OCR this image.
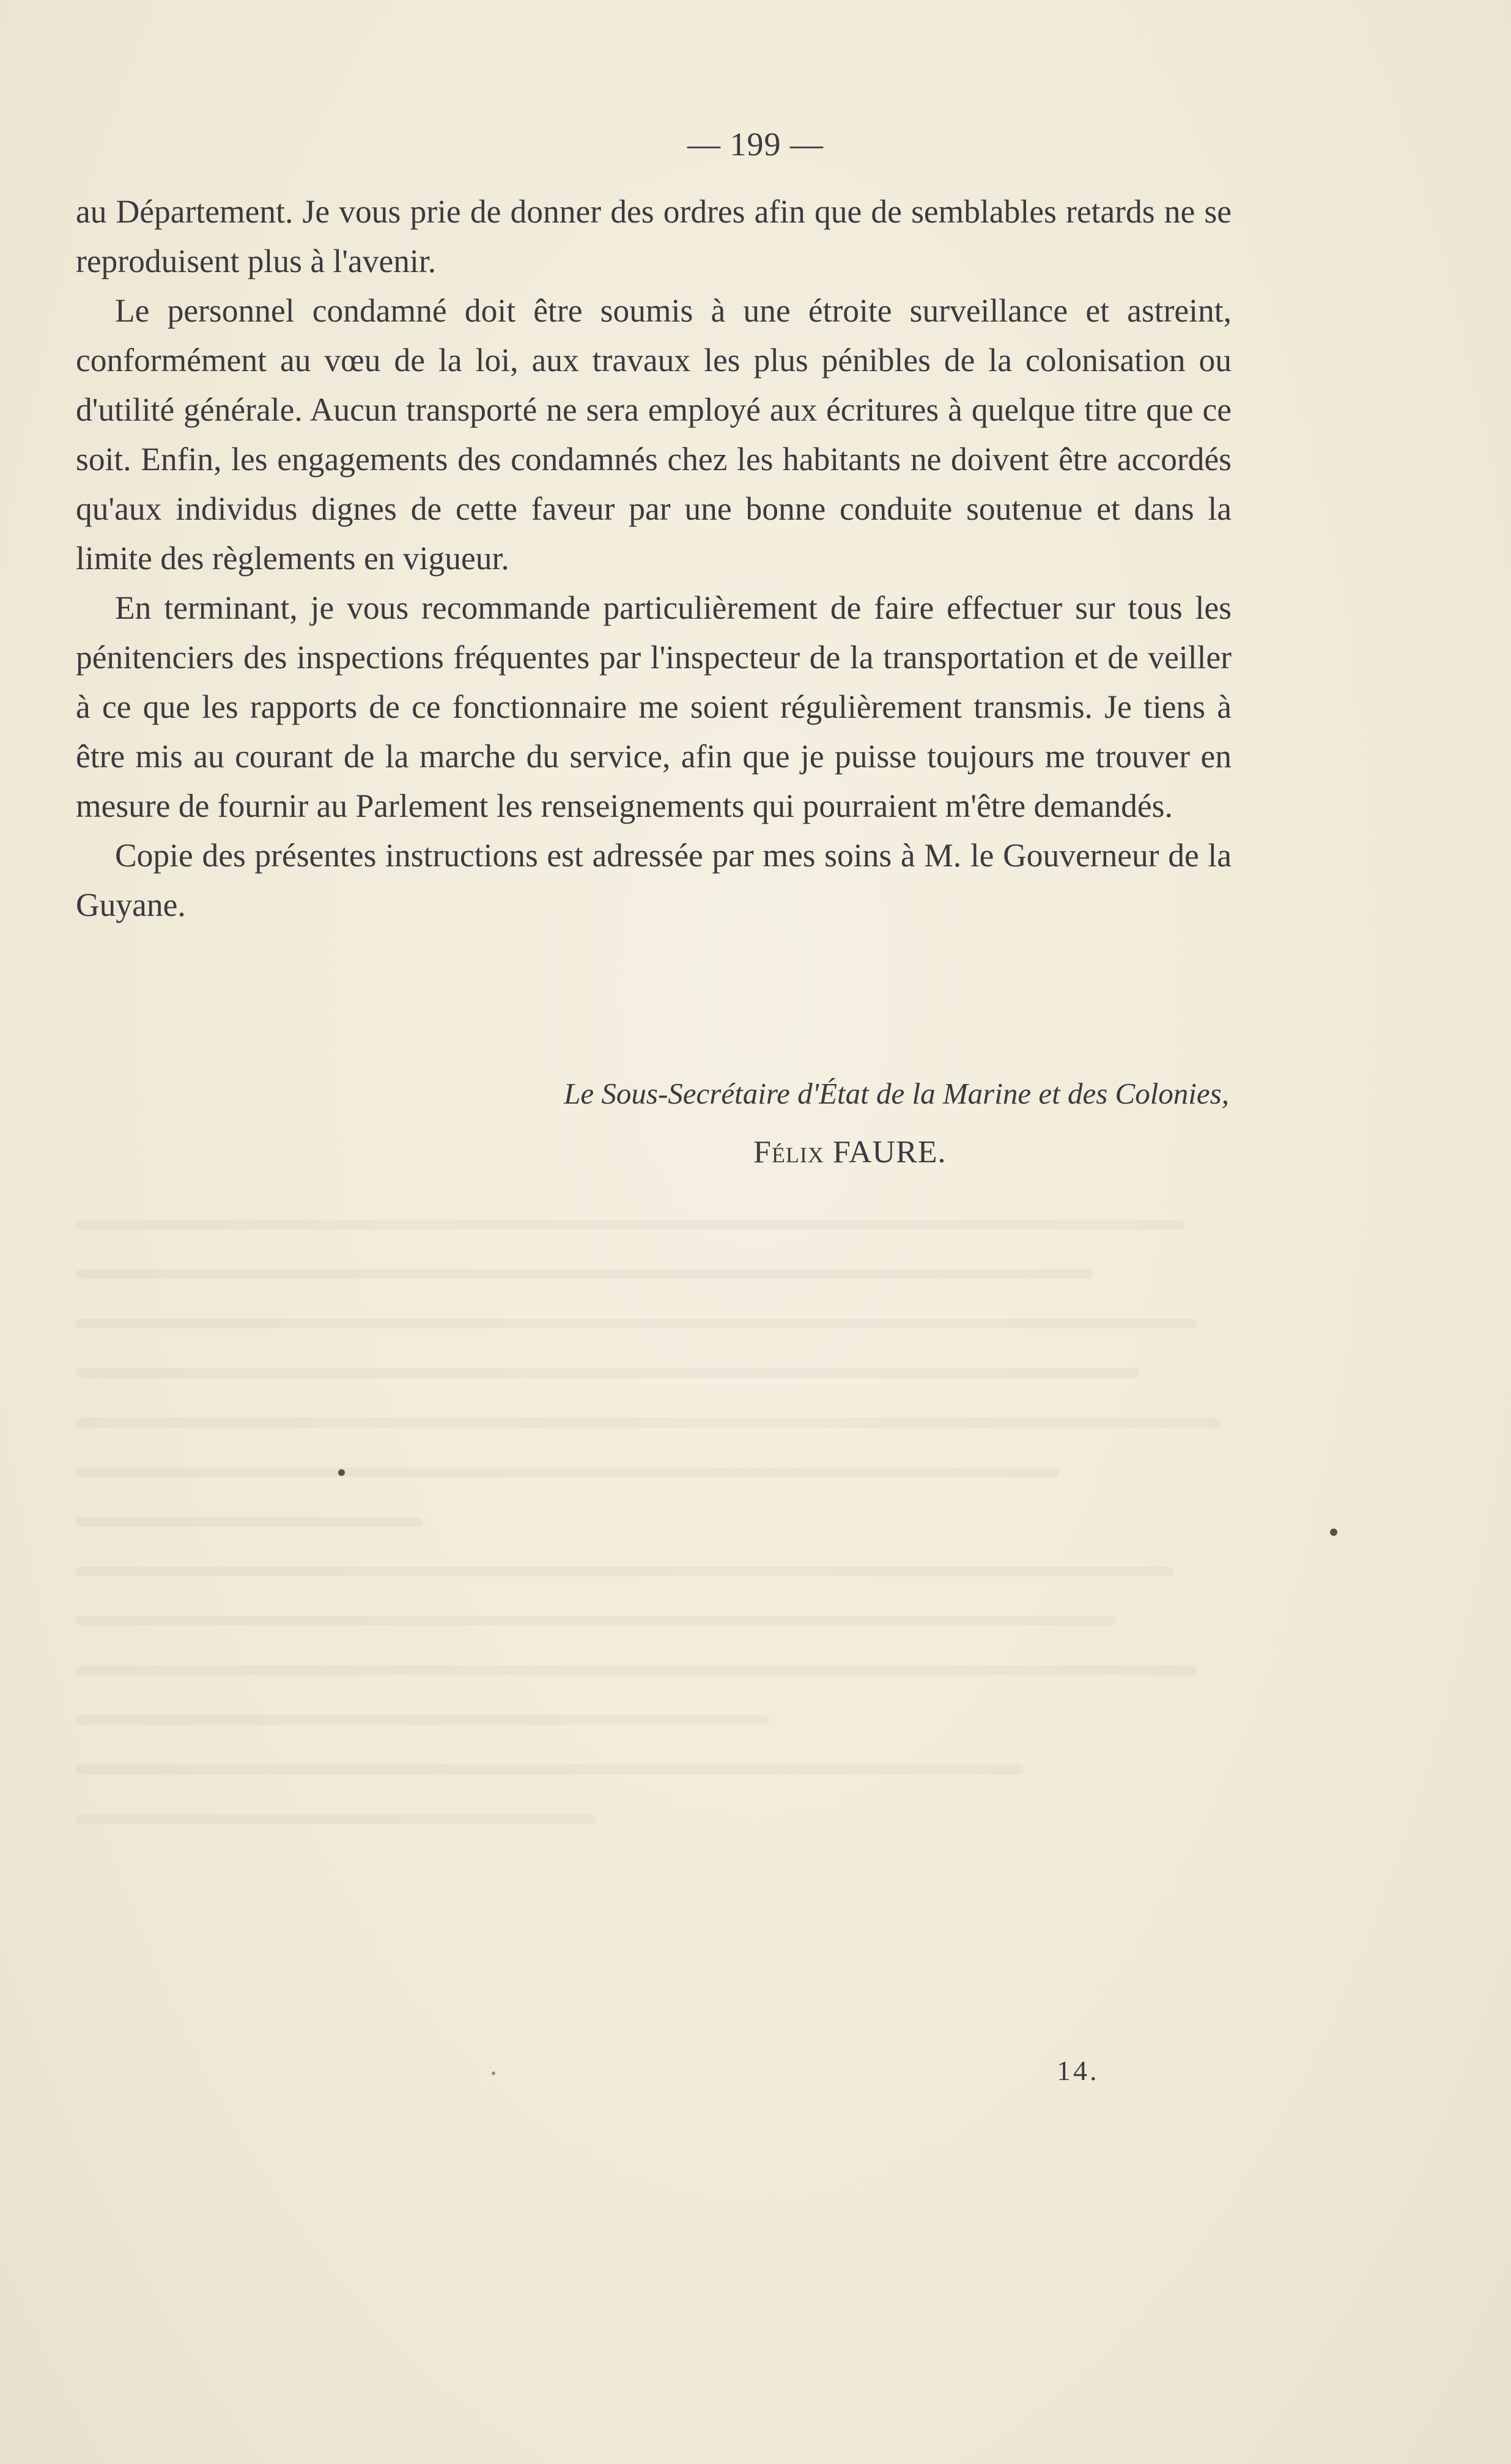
— 199 —

au Département. Je vous prie de donner des ordres afin que de semblables retards ne se reproduisent plus à l'avenir.

Le personnel condamné doit être soumis à une étroite surveillance et astreint, conformément au vœu de la loi, aux travaux les plus pénibles de la colonisation ou d'utilité générale. Aucun transporté ne sera employé aux écritures à quelque titre que ce soit. Enfin, les engagements des condamnés chez les habitants ne doivent être accordés qu'aux individus dignes de cette faveur par une bonne conduite soutenue et dans la limite des règlements en vigueur.

En terminant, je vous recommande particulièrement de faire effectuer sur tous les pénitenciers des inspections fréquentes par l'inspecteur de la transportation et de veiller à ce que les rapports de ce fonctionnaire me soient régulièrement transmis. Je tiens à être mis au courant de la marche du service, afin que je puisse toujours me trouver en mesure de fournir au Parlement les renseignements qui pourraient m'être demandés.

Copie des présentes instructions est adressée par mes soins à M. le Gouverneur de la Guyane.

Le Sous-Secrétaire d'État de la Marine et des Colonies,
Félix FAURE.
14.
